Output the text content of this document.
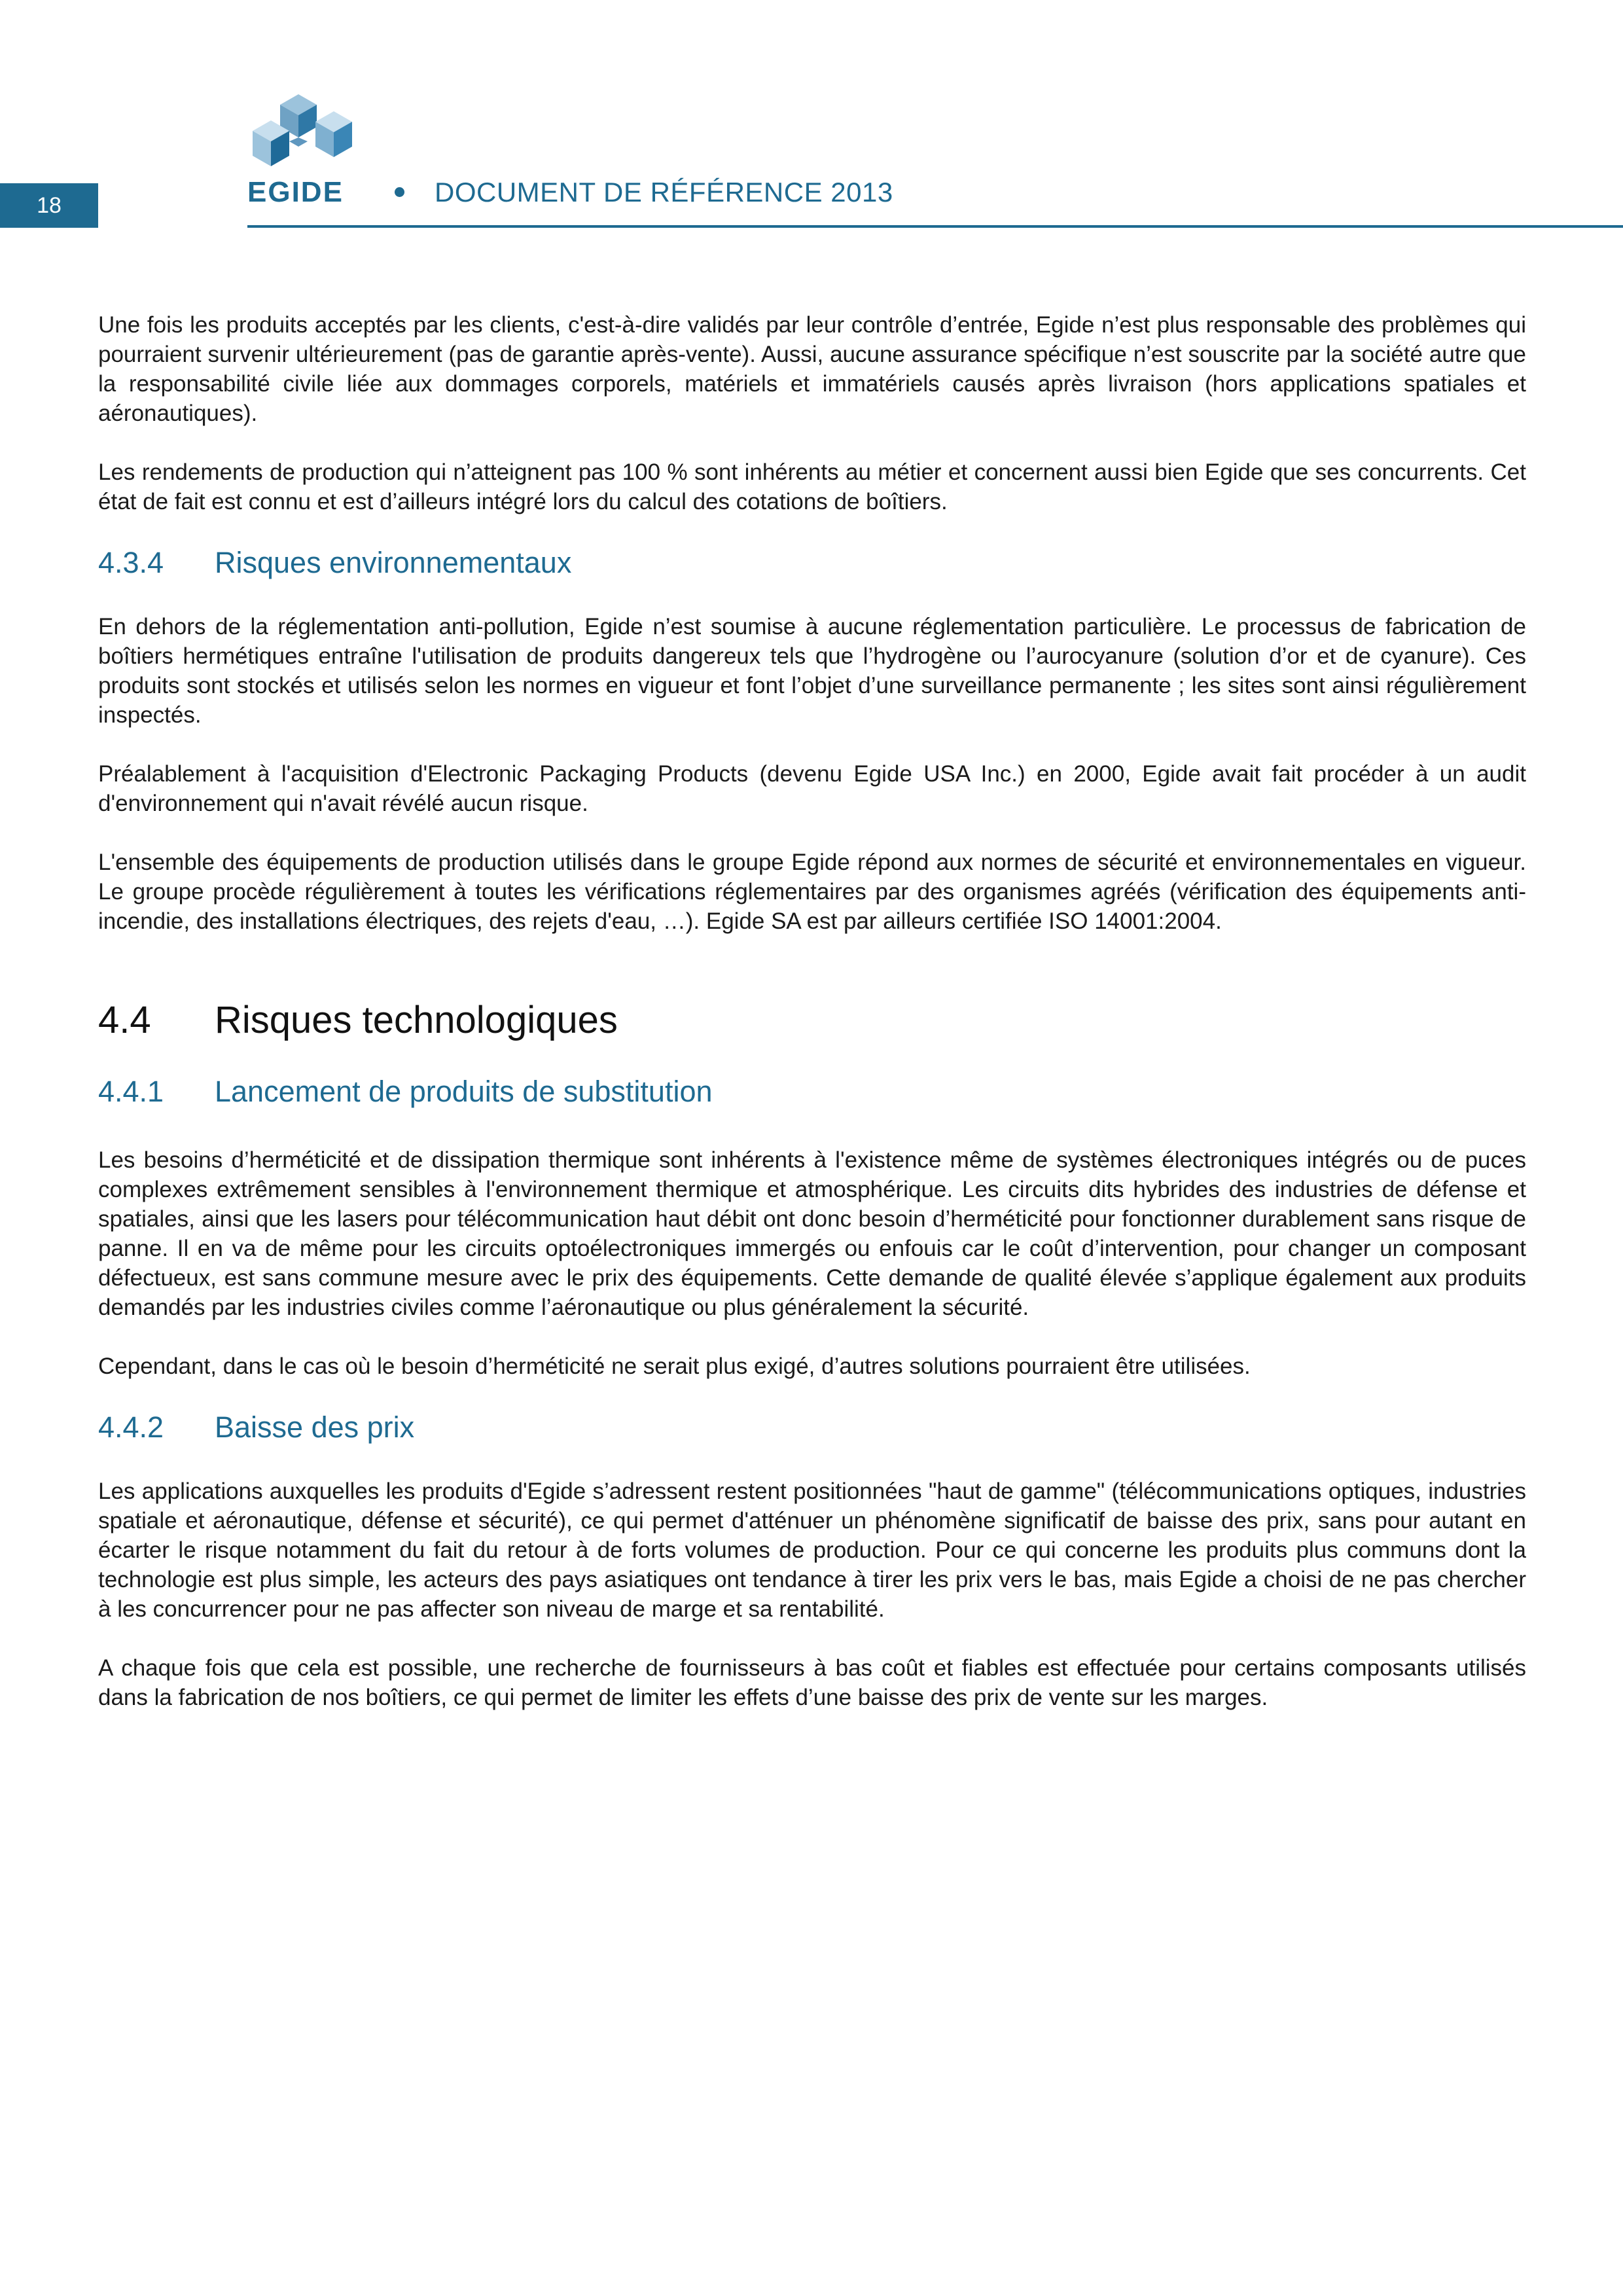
18	EGIDE	DOCUMENT DE RÉFÉRENCE 2013

Une fois les produits acceptés par les clients, c'est-à-dire validés par leur contrôle d’entrée, Egide n’est plus responsable des problèmes qui pourraient survenir ultérieurement (pas de garantie après-vente). Aussi, aucune assurance spécifique n’est souscrite par la société autre que la responsabilité civile liée aux dommages corporels, matériels et immatériels causés après livraison (hors applications spatiales et aéronautiques).

Les rendements de production qui n’atteignent pas 100 % sont inhérents au métier et concernent aussi bien Egide que ses concurrents. Cet état de fait est connu et est d’ailleurs intégré lors du calcul des cotations de boîtiers.

4.3.4	Risques environnementaux

En dehors de la réglementation anti-pollution, Egide n’est soumise à aucune réglementation particulière. Le processus de fabrication de boîtiers hermétiques entraîne l'utilisation de produits dangereux tels que l’hydrogène ou l’aurocyanure (solution d’or et de cyanure). Ces produits sont stockés et utilisés selon les normes en vigueur et font l’objet d’une surveillance permanente ; les sites sont ainsi régulièrement inspectés.

Préalablement à l'acquisition d'Electronic Packaging Products (devenu Egide USA Inc.) en 2000, Egide avait fait procéder à un audit d'environnement qui n'avait révélé aucun risque.

L'ensemble des équipements de production utilisés dans le groupe Egide répond aux normes de sécurité et environnementales en vigueur. Le groupe procède régulièrement à toutes les vérifications réglementaires par des organismes agréés (vérification des équipements anti-incendie, des installations électriques, des rejets d'eau, …). Egide SA est par ailleurs certifiée ISO 14001:2004.

4.4	Risques technologiques
4.4.1	Lancement de produits de substitution

Les besoins d’herméticité et de dissipation thermique sont inhérents à l'existence même de systèmes électroniques intégrés ou de puces complexes extrêmement sensibles à l'environnement thermique et atmosphérique. Les circuits dits hybrides des industries de défense et spatiales, ainsi que les lasers pour télécommunication haut débit ont donc besoin d’herméticité pour fonctionner durablement sans risque de panne. Il en va de même pour les circuits optoélectroniques immergés ou enfouis car le coût d’intervention, pour changer un composant défectueux, est sans commune mesure avec le prix des équipements. Cette demande de qualité élevée s’applique également aux produits demandés par les industries civiles comme l’aéronautique ou plus généralement la sécurité.

Cependant, dans le cas où le besoin d’herméticité ne serait plus exigé, d’autres solutions pourraient être utilisées.

4.4.2	Baisse des prix

Les applications auxquelles les produits d'Egide s’adressent restent positionnées "haut de gamme" (télécommunications optiques, industries spatiale et aéronautique, défense et sécurité), ce qui permet d'atténuer un phénomène significatif de baisse des prix, sans pour autant en écarter le risque notamment du fait du retour à de forts volumes de production. Pour ce qui concerne les produits plus communs dont la technologie est plus simple, les acteurs des pays asiatiques ont tendance à tirer les prix vers le bas, mais Egide a choisi de ne pas chercher à les concurrencer pour ne pas affecter son niveau de marge et sa rentabilité.

A chaque fois que cela est possible, une recherche de fournisseurs à bas coût et fiables est effectuée pour certains composants utilisés dans la fabrication de nos boîtiers, ce qui permet de limiter les effets d’une baisse des prix de vente sur les marges.
